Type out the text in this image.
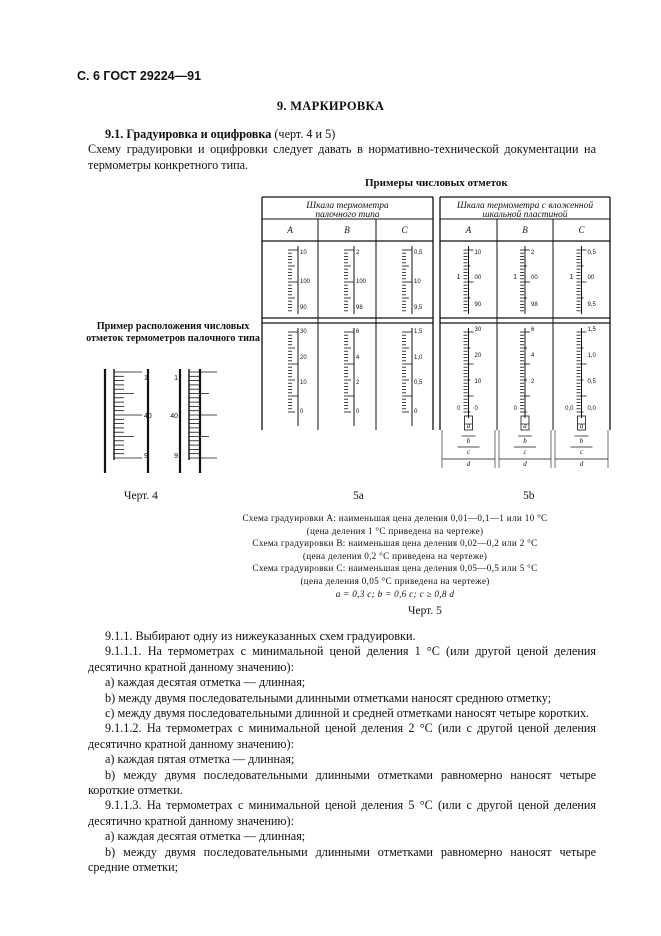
С. 6 ГОСТ 29224—91
9. МАРКИРОВКА
9.1. Градуировка и оцифровка (черт. 4 и 5)
Схему градуировки и оцифровки следует давать в нормативно-технической документации на термометры конкретного типа.
Примеры числовых отметок
Пример расположения числовых отметок термометров палочного типа
1
40
9
1
40
9
Шкала термометра
палочного типа
A	B	C
10
100
90
30
20
10
0
2
100
98
6
4
2
0
0,5
10
9,5
1,5
1,0
0,5
0
Шкала термометра с вложенной
шкальной пластиной
A	B	C
10
1 00
90
30
20
10
0 0
a
b
c
d
2
1 00
98
6
4
2
0
a
b
c
d
0,5
1 00
9,5
1,5
1,0
0,5
0,0 0,0
a
b
c
d
Черт. 4	5a	5b
Схема градуировки A: наименьшая цена деления 0,01—0,1—1 или 10 °С
(цена деления 1 °С приведена на чертеже)
Схема градуировки B: наименьшая цена деления 0,02—0,2 или 2 °С
(цена деления 0,2 °С приведена на чертеже)
Схема градуировки C: наименьшая цена деления 0,05—0,5 или 5 °С
(цена деления 0,05 °С приведена на чертеже)
a = 0,3 c; b = 0,6 c; c ≥ 0,8 d
Черт. 5
9.1.1. Выбирают одну из нижеуказанных схем градуировки.
9.1.1.1. На термометрах с минимальной ценой деления 1 °С (или другой ценой деления десятично кратной данному значению):
а) каждая десятая отметка — длинная;
b) между двумя последовательными длинными отметками наносят среднюю отметку;
с) между двумя последовательными длинной и средней отметками наносят четыре коротких.
9.1.1.2. На термометрах с минимальной ценой деления 2 °С (или с другой ценой деления десятично кратной данному значению):
а) каждая пятая отметка — длинная;
b) между двумя последовательными длинными отметками равномерно наносят четыре короткие отметки.
9.1.1.3. На термометрах с минимальной ценой деления 5 °С (или с другой ценой деления десятично кратной данному значению):
а) каждая десятая отметка — длинная;
b) между двумя последовательными длинными отметками равномерно наносят четыре средние отметки;
